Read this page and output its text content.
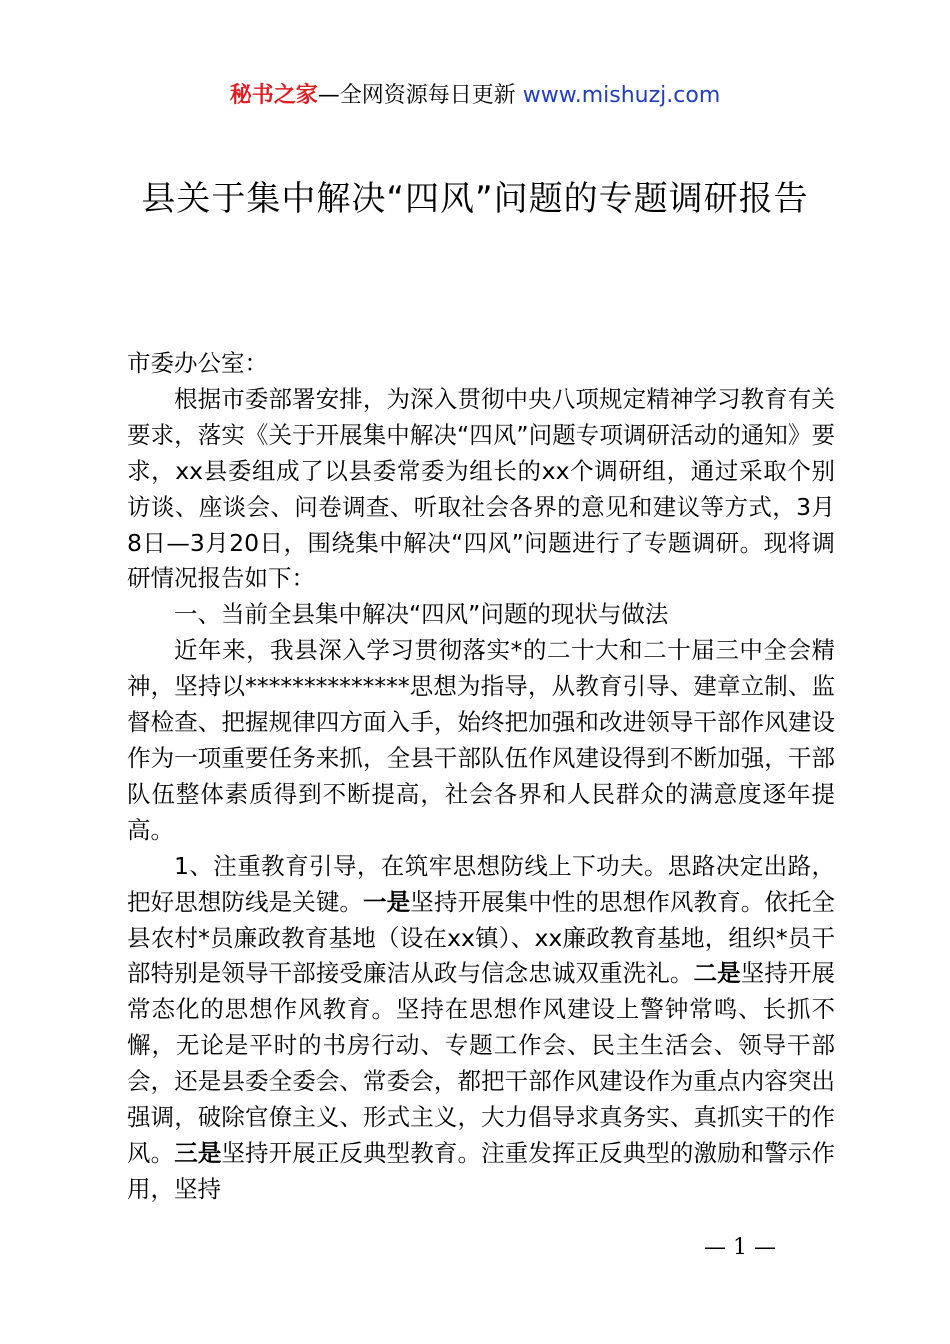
秘书之家—全网资源每日更新 www.mishuzj.com
县关于集中解决“四风”问题的专题调研报告

市委办公室：

根据市委部署安排，为深入贯彻中央八项规定精神学习教育有关要求，落实《关于开展集中解决“四风”问题专项调研活动的通知》要求，xx县委组成了以县委常委为组长的xx个调研组，通过采取个别访谈、座谈会、问卷调查、听取社会各界的意见和建议等方式，3月8日—3月20日，围绕集中解决“四风”问题进行了专题调研。现将调研情况报告如下：

一、当前全县集中解决“四风”问题的现状与做法

近年来，我县深入学习贯彻落实*的二十大和二十届三中全会精神，坚持以**************思想为指导，从教育引导、建章立制、监督检查、把握规律四方面入手，始终把加强和改进领导干部作风建设作为一项重要任务来抓，全县干部队伍作风建设得到不断加强，干部队伍整体素质得到不断提高，社会各界和人民群众的满意度逐年提高。

1、注重教育引导，在筑牢思想防线上下功夫。思路决定出路，把好思想防线是关键。一是坚持开展集中性的思想作风教育。依托全县农村*员廉政教育基地（设在xx镇）、xx廉政教育基地，组织*员干部特别是领导干部接受廉洁从政与信念忠诚双重洗礼。二是坚持开展常态化的思想作风教育。坚持在思想作风建设上警钟常鸣、长抓不懈，无论是平时的书房行动、专题工作会、民主生活会、领导干部会，还是县委全委会、常委会，都把干部作风建设作为重点内容突出强调，破除官僚主义、形式主义，大力倡导求真务实、真抓实干的作风。三是坚持开展正反典型教育。注重发挥正反典型的激励和警示作用，坚持

— 1 —
